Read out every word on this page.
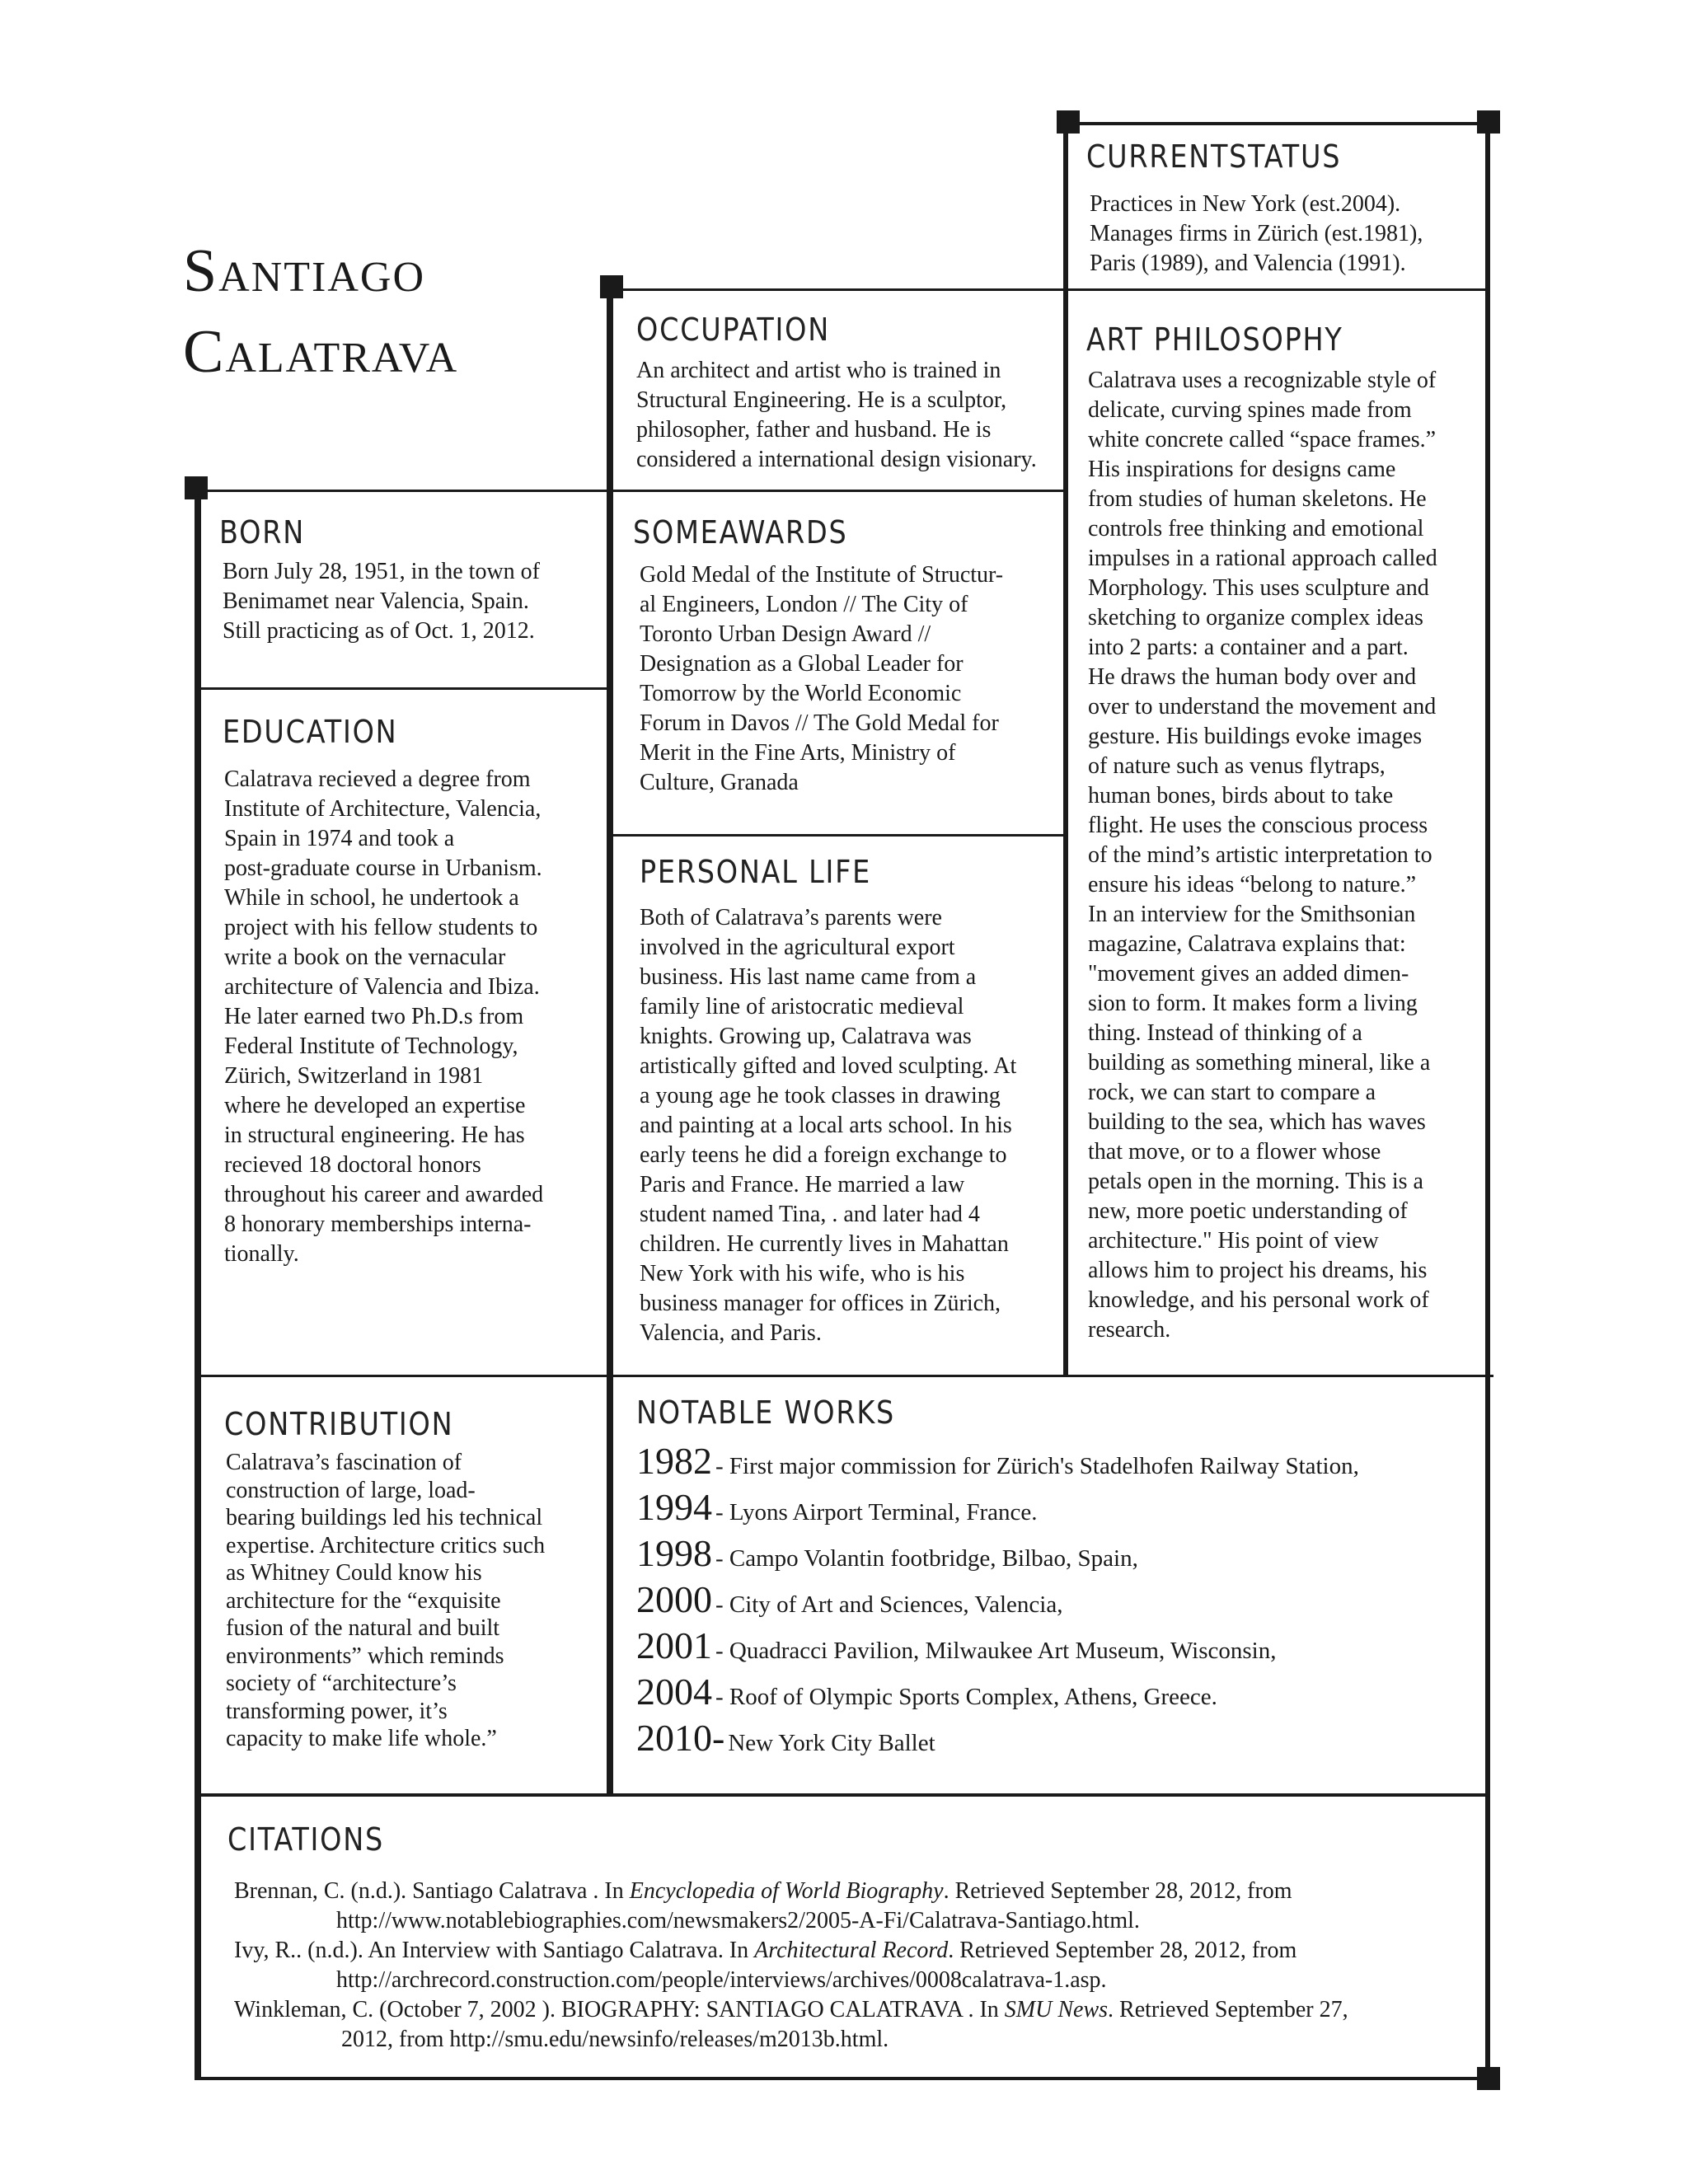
Santiago
Calatrava
CURRENTSTATUS
Practices in New York (est.2004).
Manages firms in Zürich (est.1981),
Paris (1989), and Valencia (1991).
OCCUPATION
An architect and artist who is trained in
Structural Engineering. He is a sculptor,
philosopher, father and husband. He is
considered a international design visionary.
ART PHILOSOPHY
Calatrava uses a recognizable style of
delicate, curving spines made from
white concrete called “space frames.”
His inspirations for designs came
from studies of human skeletons. He
controls free thinking and emotional
impulses in a rational approach called
Morphology. This uses sculpture and
sketching to organize complex ideas
into 2 parts: a container and a part.
He draws the human body over and
over to understand the movement and
gesture. His buildings evoke images
of nature such as venus flytraps,
human bones, birds about to take
flight. He uses the conscious process
of the mind’s artistic interpretation to
ensure his ideas “belong to nature.”
In an interview for the Smithsonian
magazine, Calatrava explains that:
"movement gives an added dimen-
sion to form. It makes form a living
thing. Instead of thinking of a
building as something mineral, like a
rock, we can start to compare a
building to the sea, which has waves
that move, or to a flower whose
petals open in the morning. This is a
new, more poetic understanding of
architecture." His point of view
allows him to project his dreams, his
knowledge, and his personal work of
research.
BORN
Born July 28, 1951, in the town of
Benimamet near Valencia, Spain.
Still practicing as of Oct. 1, 2012.
SOMEAWARDS
Gold Medal of the Institute of Structur-
al Engineers, London // The City of
Toronto Urban Design Award //
Designation as a Global Leader for
Tomorrow by the World Economic
Forum in Davos // The Gold Medal for
Merit in the Fine Arts, Ministry of
Culture, Granada
EDUCATION
Calatrava recieved a degree from
Institute of Architecture, Valencia,
Spain in 1974 and took a
post-graduate course in Urbanism.
While in school, he undertook a
project with his fellow students to
write a book on the vernacular
architecture of Valencia and Ibiza.
He later earned two Ph.D.s from
Federal Institute of Technology,
Zürich, Switzerland in 1981
where he developed an expertise
in structural engineering. He has
recieved 18 doctoral honors
throughout his career and awarded
8 honorary memberships interna-
tionally.
PERSONAL LIFE
Both of Calatrava’s parents were
involved in the agricultural export
business. His last name came from a
family line of aristocratic medieval
knights. Growing up, Calatrava was
artistically gifted and loved sculpting. At
a young age he took classes in drawing
and painting at a local arts school. In his
early teens he did a foreign exchange to
Paris and France. He married a law
student named Tina, . and later had 4
children. He currently lives in Mahattan
New York with his wife, who is his
business manager for offices in Zürich,
Valencia, and Paris.
CONTRIBUTION
Calatrava’s fascination of
construction of large, load-
bearing buildings led his technical
expertise. Architecture critics such
as Whitney Could know his
architecture for the “exquisite
fusion of the natural and built
environments” which reminds
society of “architecture’s
transforming power, it’s
capacity to make life whole.”
NOTABLE WORKS
1982 - First major commission for Zürich's Stadelhofen Railway Station,
1994 - Lyons Airport Terminal, France.
1998 - Campo Volantin footbridge, Bilbao, Spain,
2000 - City of Art and Sciences, Valencia,
2001 - Quadracci Pavilion, Milwaukee Art Museum, Wisconsin,
2004 - Roof of Olympic Sports Complex, Athens, Greece.
2010- New York City Ballet
CITATIONS
Brennan, C. (n.d.). Santiago Calatrava . In Encyclopedia of World Biography. Retrieved September 28, 2012, from
http://www.notablebiographies.com/newsmakers2/2005-A-Fi/Calatrava-Santiago.html.
Ivy, R.. (n.d.). An Interview with Santiago Calatrava. In Architectural Record. Retrieved September 28, 2012, from
http://archrecord.construction.com/people/interviews/archives/0008calatrava-1.asp.
Winkleman, C. (October 7, 2002 ). BIOGRAPHY: SANTIAGO CALATRAVA . In SMU News. Retrieved September 27,
2012, from http://smu.edu/newsinfo/releases/m2013b.html.
